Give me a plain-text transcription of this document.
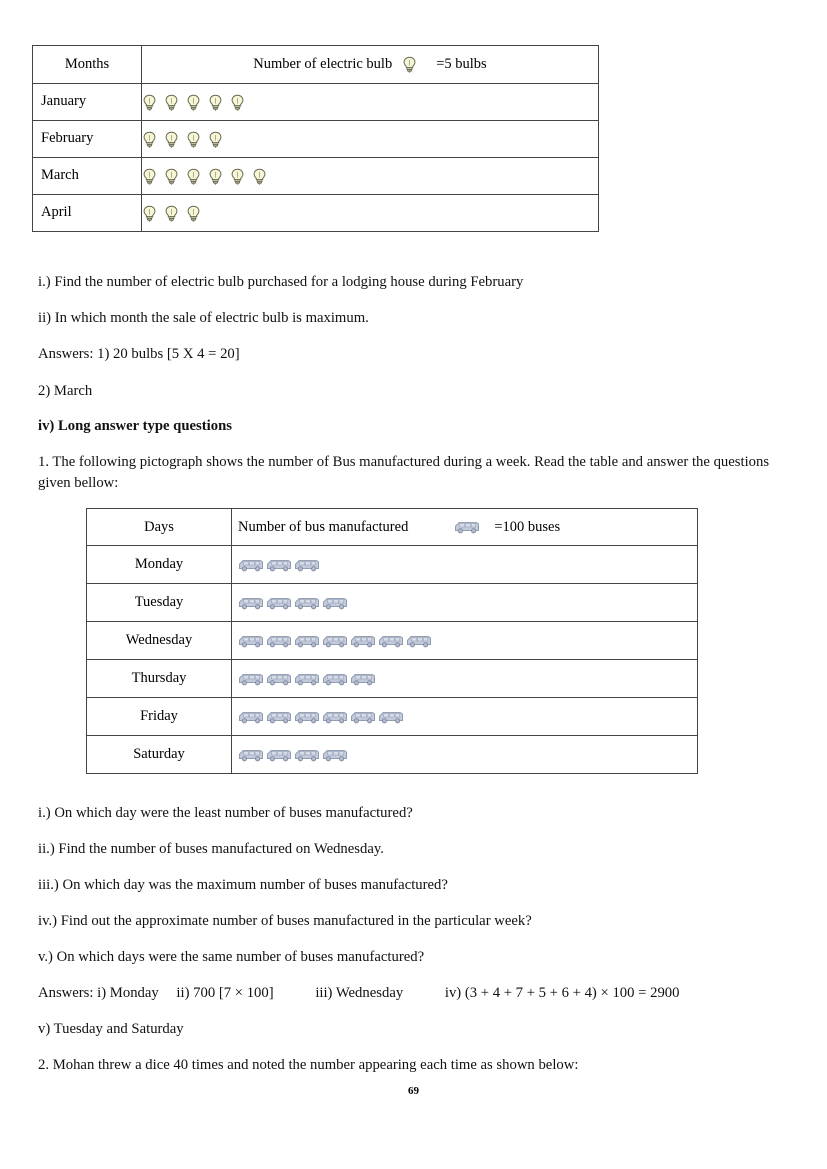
Months	Number of electric bulb =5 bulbs

January	

February	

March	

April	
i.) Find the number of electric bulb purchased for a lodging house during February
ii) In which month the sale of electric bulb is maximum.
Answers: 1) 20 bulbs [5 X 4 = 20]
2) March
iv) Long answer type questions
1. The following pictograph shows the number of Bus manufactured during a week. Read the table and answer the questions given bellow:
Days	Number of bus manufactured =100 buses

Monday	

Tuesday	

Wednesday	

Thursday	

Friday	

Saturday	
i.) On which day were the least number of buses manufactured?
ii.) Find the number of buses manufactured on Wednesday.
iii.) On which day was the maximum number of buses manufactured?
iv.) Find out the approximate number of buses manufactured in the particular week?
v.) On which days were the same number of buses manufactured?
Answers: i) Monday ii) 700 [7 × 100]	iii) Wednesday	iv) (3 + 4 + 7 + 5 + 6 + 4) × 100 = 2900
v) Tuesday and Saturday
2. Mohan threw a dice 40 times and noted the number appearing each time as shown below:
69
